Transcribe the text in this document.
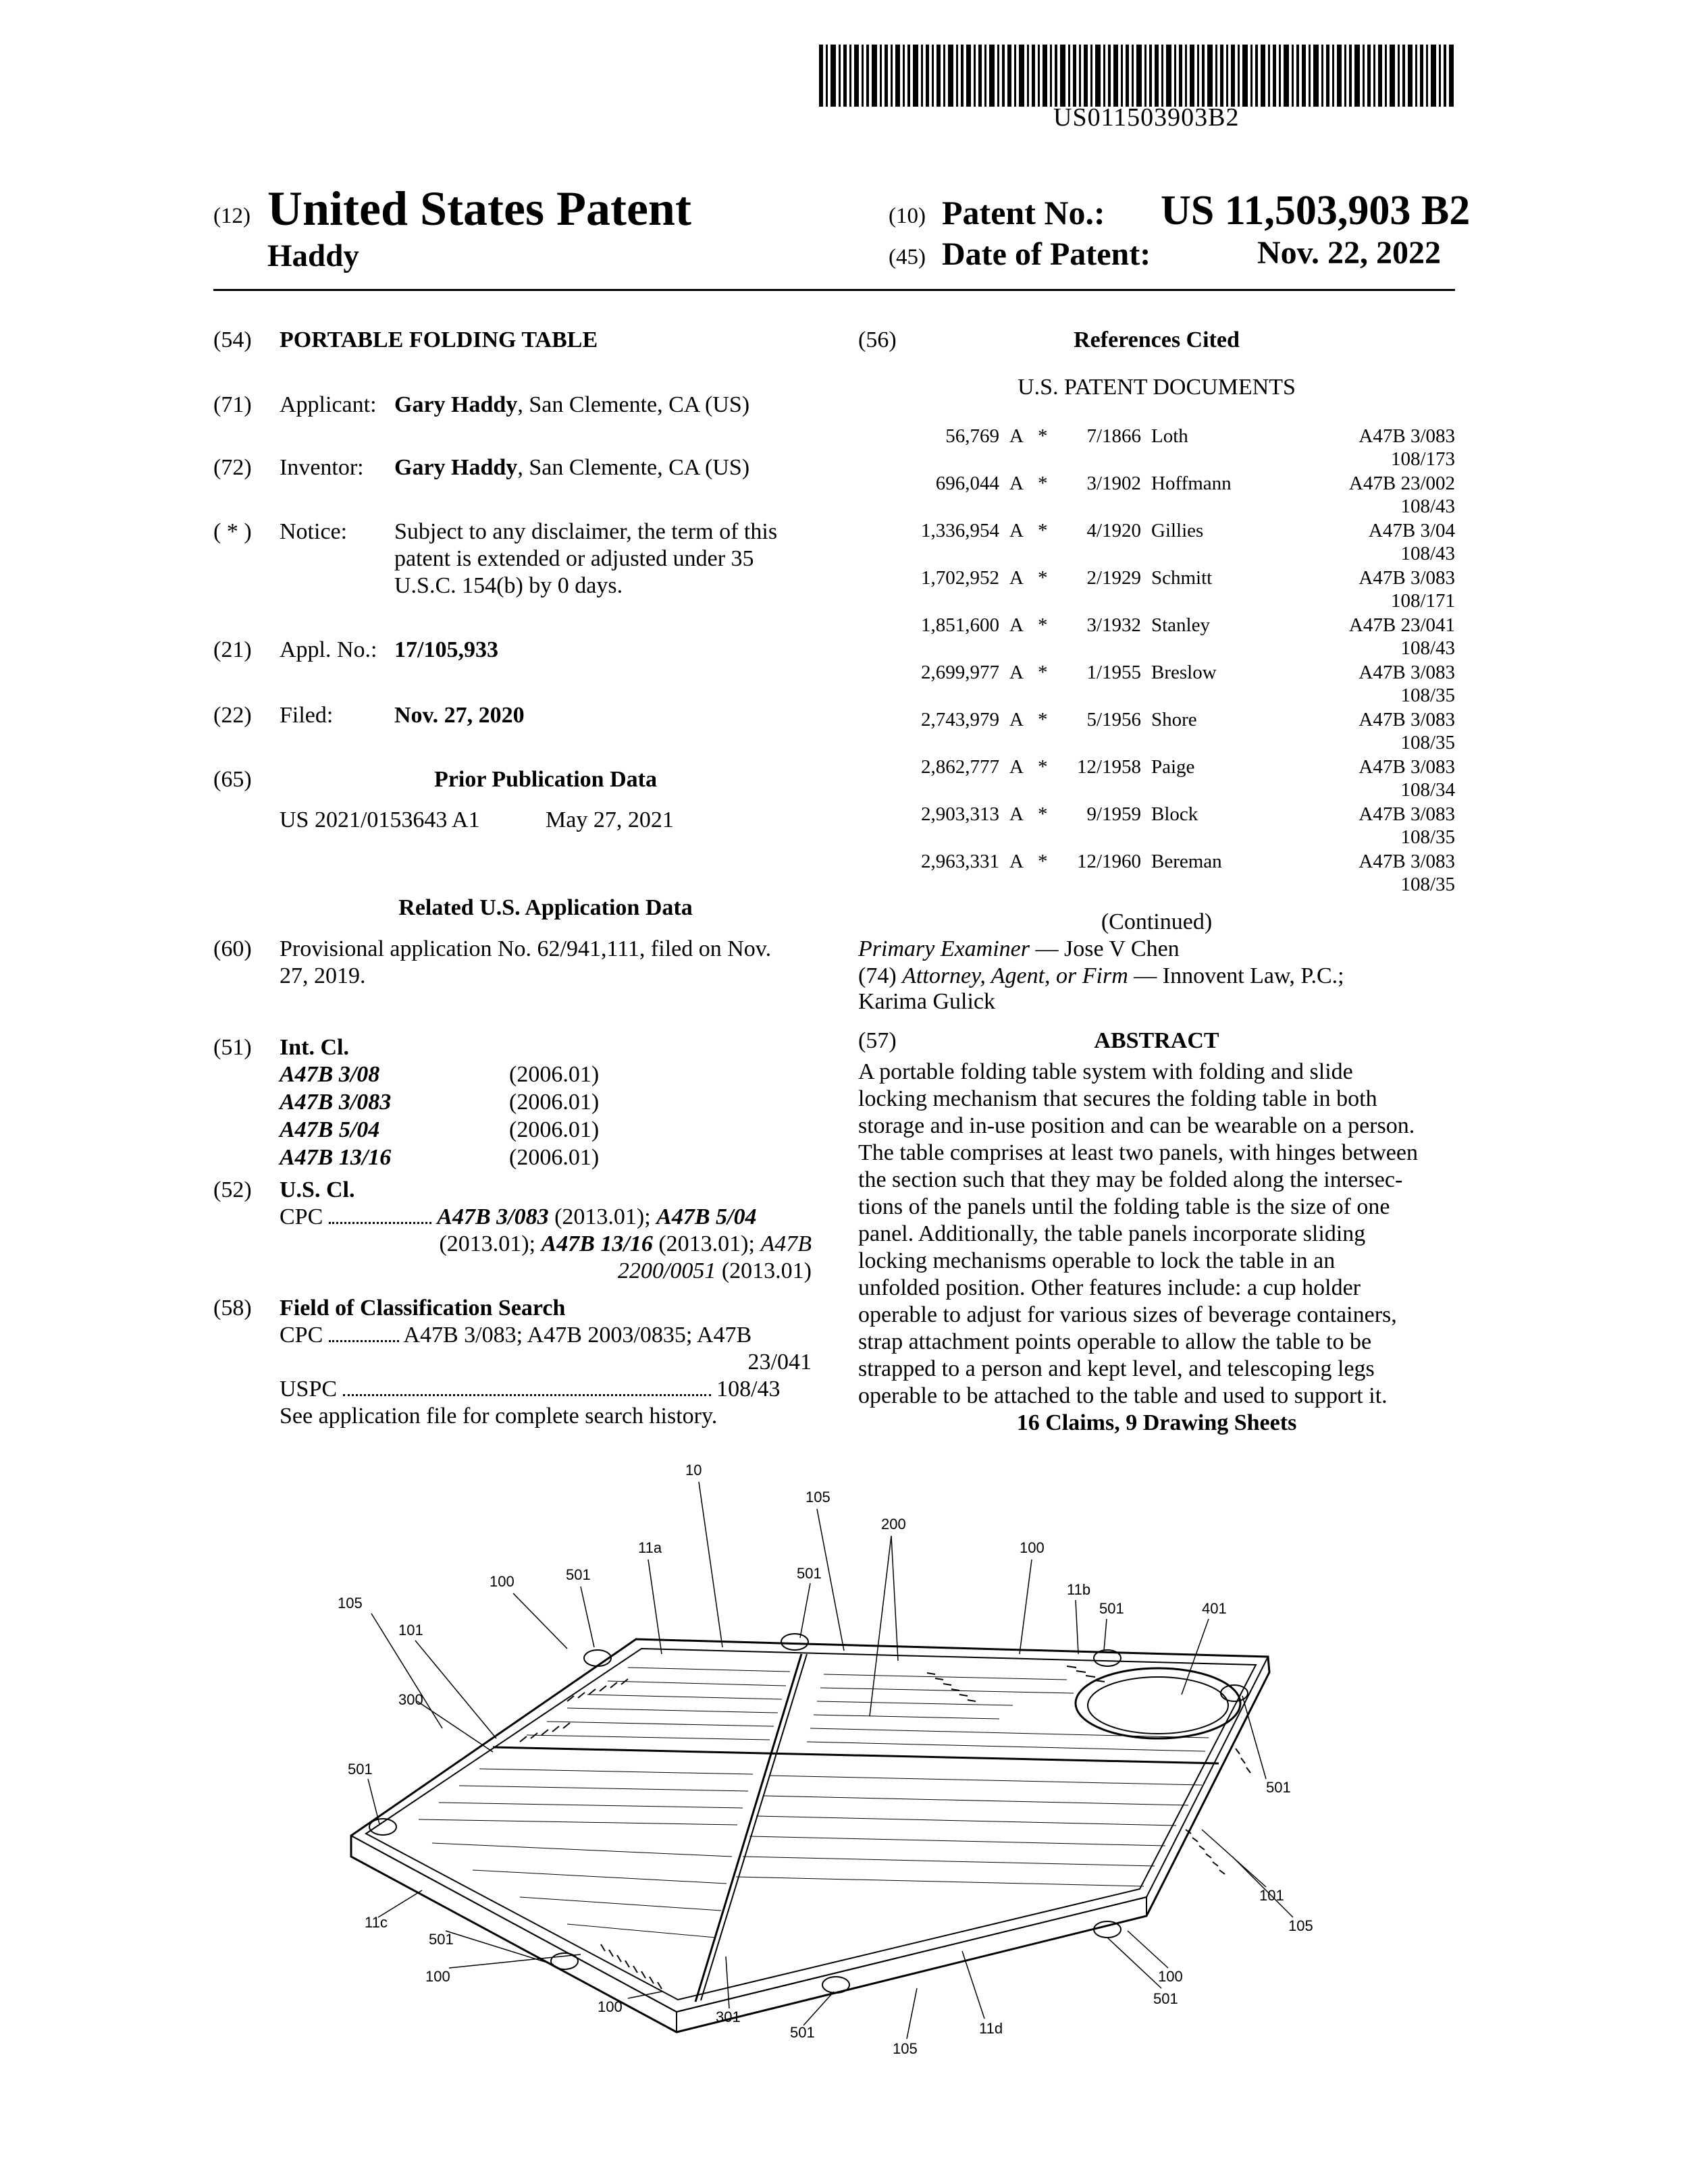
US011503903B2
(12) United States Patent
Haddy
(10) Patent No.: US 11,503,903 B2
(45) Date of Patent:	Nov. 22, 2022
(54) PORTABLE FOLDING TABLE
(71) Applicant: Gary Haddy, San Clemente, CA (US)
(72) Inventor: Gary Haddy, San Clemente, CA (US)
( * ) Notice: Subject to any disclaimer, the term of this
patent is extended or adjusted under 35
U.S.C. 154(b) by 0 days.
(21) Appl. No.: 17/105,933
(22) Filed:	Nov. 27, 2020
(65)	Prior Publication Data
US 2021/0153643 A1	May 27, 2021
Related U.S. Application Data
(60) Provisional application No. 62/941,111, filed on Nov.
27, 2019.
(51) Int. Cl.
A47B 3/08	(2006.01)
A47B 3/083	(2006.01)
A47B 5/04	(2006.01)
A47B 13/16	(2006.01)
(52) U.S. Cl.
CPC	A47B 3/083 (2013.01); A47B 5/04
(2013.01); A47B 13/16 (2013.01); A47B
2200/0051 (2013.01)
(58) Field of Classification Search
CPC	A47B 3/083; A47B 2003/0835; A47B
23/041
USPC	108/43
See application file for complete search history.
(56)	References Cited
U.S. PATENT DOCUMENTS
56,769 A *	7/1866 Loth	A47B 3/083
108/173
696,044 A *	3/1902 Hoffmann	A47B 23/002
108/43
1,336,954 A *	4/1920 Gillies	A47B 3/04
108/43
1,702,952 A *	2/1929 Schmitt	A47B 3/083
108/171
1,851,600 A *	3/1932 Stanley	A47B 23/041
108/43
2,699,977 A *	1/1955 Breslow	A47B 3/083
108/35
2,743,979 A *	5/1956 Shore	A47B 3/083
108/35
2,862,777 A *	12/1958 Paige	A47B 3/083
108/34
2,903,313 A *	9/1959 Block	A47B 3/083
108/35
2,963,331 A *	12/1960 Bereman	A47B 3/083
108/35
(Continued)
Primary Examiner — Jose V Chen
(74) Attorney, Agent, or Firm — Innovent Law, P.C.;
Karima Gulick
(57)	ABSTRACT
A portable folding table system with folding and slide
locking mechanism that secures the folding table in both
storage and in-use position and can be wearable on a person.
The table comprises at least two panels, with hinges between
the section such that they may be folded along the intersec-
tions of the panels until the folding table is the size of one
panel. Additionally, the table panels incorporate sliding
locking mechanisms operable to lock the table in an
unfolded position. Other features include: a cup holder
operable to adjust for various sizes of beverage containers,
strap attachment points operable to allow the table to be
strapped to a person and kept level, and telescoping legs
operable to be attached to the table and used to support it.
16 Claims, 9 Drawing Sheets
10
105
200
11a
100	501	501
100
11b
401
501
105
101
300
501
501
101
105
11c
501
100
100
301
501
100
501
11d
105
